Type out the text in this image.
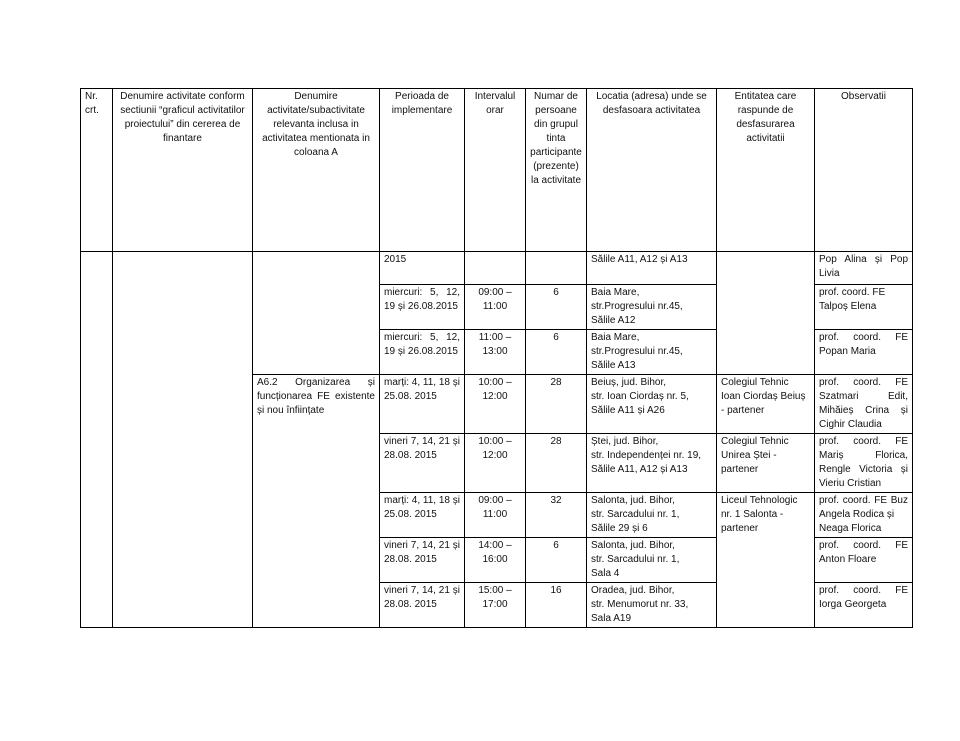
Nr. crt.	Denumire activitate conform sectiunii “graficul activitatilor proiectului” din cererea de finantare	Denumire activitate/subactivitate relevanta inclusa in activitatea mentionata in coloana A	Perioada de implementare	Intervalul orar	Numar de persoane din grupul tinta participante (prezente) la activitate	Locatia (adresa) unde se desfasoara activitatea	Entitatea care raspunde de desfasurarea activitatii	Observatii
			2015			Sălile A11, A12 și A13		Pop Alina și Pop Livia
			miercuri: 5, 12, 19 și 26.08.2015	09:00 – 11:00	6	Baia Mare,
str.Progresului nr.45,
Sălile A12		prof. coord. FE Talpoș Elena
			miercuri: 5, 12, 19 și 26.08.2015	11:00 – 13:00	6	Baia Mare,
str.Progresului nr.45,
Sălile A13		prof. coord. FE Popan Maria
		A6.2 Organizarea și funcționarea FE existente și nou înființate	marți: 4, 11, 18 și 25.08. 2015	10:00 – 12:00	28	Beiuș, jud. Bihor,
str. Ioan Ciordaș nr. 5,
Sălile A11 și A26	Colegiul Tehnic Ioan Ciordaș Beiuș - partener	prof. coord. FE Szatmari Edit, Mihăieș Crina și Cighir Claudia
			vineri 7, 14, 21 și 28.08. 2015	10:00 – 12:00	28	Ștei, jud. Bihor,
str. Independenței nr. 19,
Sălile A11, A12 și A13	Colegiul Tehnic Unirea Ștei - partener	prof. coord. FE Mariș Florica, Rengle Victoria și Vieriu Cristian
			marți: 4, 11, 18 și 25.08. 2015	09:00 – 11:00	32	Salonta, jud. Bihor,
str. Sarcadului nr. 1,
Sălile 29 și 6	Liceul Tehnologic nr. 1 Salonta - partener	prof. coord. FE Buz Angela Rodica și
Neaga Florica
			vineri 7, 14, 21 și 28.08. 2015	14:00 – 16:00	6	Salonta, jud. Bihor,
str. Sarcadului nr. 1,
Sala 4		prof. coord. FE Anton Floare
			vineri 7, 14, 21 și 28.08. 2015	15:00 – 17:00	16	Oradea, jud. Bihor,
str. Menumorut nr. 33,
Sala A19		prof. coord. FE Iorga Georgeta
